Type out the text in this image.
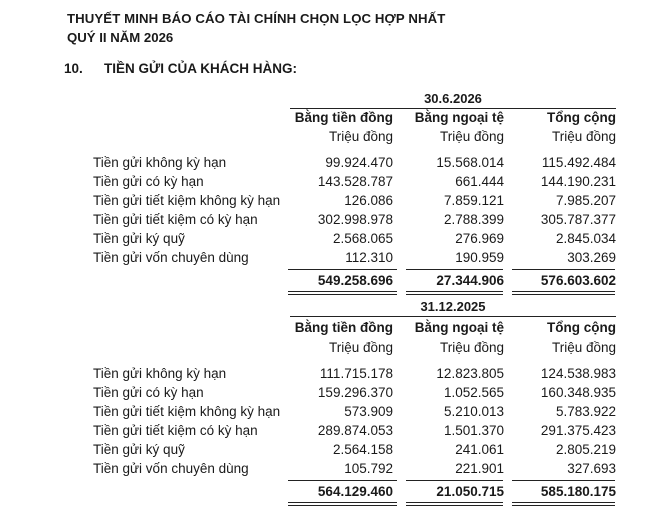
THUYẾT MINH BÁO CÁO TÀI CHÍNH CHỌN LỌC HỢP NHẤT
QUÝ II NĂM 2026
10. TIỀN GỬI CỦA KHÁCH HÀNG:
30.6.2026
Bằng tiền đồng	Bằng ngoại tệ	Tổng cộng
Triệu đồng	Triệu đồng	Triệu đồng
Tiền gửi không kỳ hạn	99.924.470	15.568.014	115.492.484
Tiền gửi có kỳ hạn	143.528.787	661.444	144.190.231
Tiền gửi tiết kiệm không kỳ hạn	126.086	7.859.121	7.985.207
Tiền gửi tiết kiệm có kỳ hạn	302.998.978	2.788.399	305.787.377
Tiền gửi ký quỹ	2.568.065	276.969	2.845.034
Tiền gửi vốn chuyên dùng	112.310	190.959	303.269
549.258.696	27.344.906	576.603.602
31.12.2025
Bằng tiền đồng	Bằng ngoại tệ	Tổng cộng
Triệu đồng	Triệu đồng	Triệu đồng
Tiền gửi không kỳ hạn	111.715.178	12.823.805	124.538.983
Tiền gửi có kỳ hạn	159.296.370	1.052.565	160.348.935
Tiền gửi tiết kiệm không kỳ hạn	573.909	5.210.013	5.783.922
Tiền gửi tiết kiệm có kỳ hạn	289.874.053	1.501.370	291.375.423
Tiền gửi ký quỹ	2.564.158	241.061	2.805.219
Tiền gửi vốn chuyên dùng	105.792	221.901	327.693
564.129.460	21.050.715	585.180.175
